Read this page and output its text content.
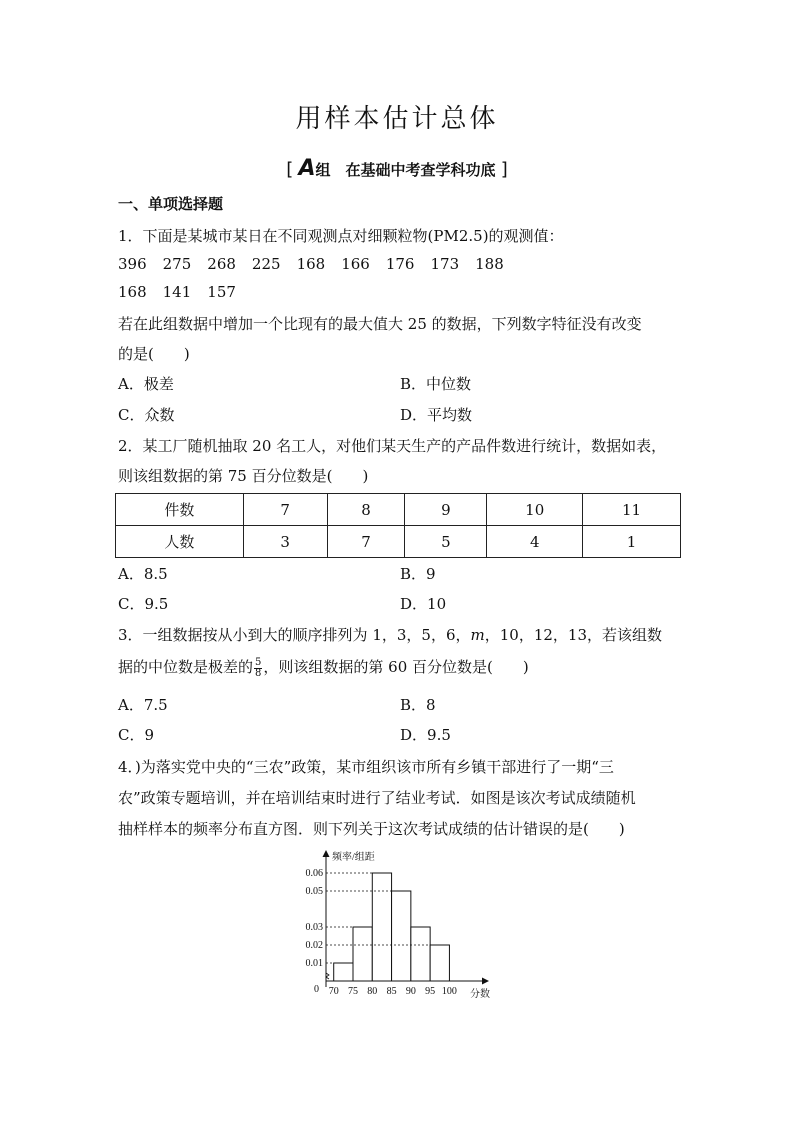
用样本估计总体
[ A组　在基础中考查学科功底 ]
一、单项选择题
1．下面是某城市某日在不同观测点对细颗粒物(PM2.5)的观测值：
396 275 268 225 168 166 176 173 188
168 141 157
若在此组数据中增加一个比现有的最大值大 25 的数据，下列数字特征没有改变
的是(　　)
A．极差	B．中位数
C．众数	D．平均数
2．某工厂随机抽取 20 名工人，对他们某天生产的产品件数进行统计，数据如表，
则该组数据的第 75 百分位数是(　　)
件数	7	8	9	10	11
人数	3	7	5	4	1
A．8.5	B．9
C．9.5	D．10
3．一组数据按从小到大的顺序排列为 1，3，5，6，m，10，12，13，若该组数
据的中位数是极差的 $\frac{5}{8}$ ，则该组数据的第 60 百分位数是(　　)
A．7.5	B．8
C．9	D．9.5
4．)为落实党中央的“三农”政策，某市组织该市所有乡镇干部进行了一期“三
农”政策专题培训，并在培训结束时进行了结业考试．如图是该次考试成绩随机
抽样样本的频率分布直方图．则下列关于这次考试成绩的估计错误的是(　　)
0.06
0.05
0.03
0.02
0.01
70 75 80 85 90 95 100
频率/组距
分数
0
